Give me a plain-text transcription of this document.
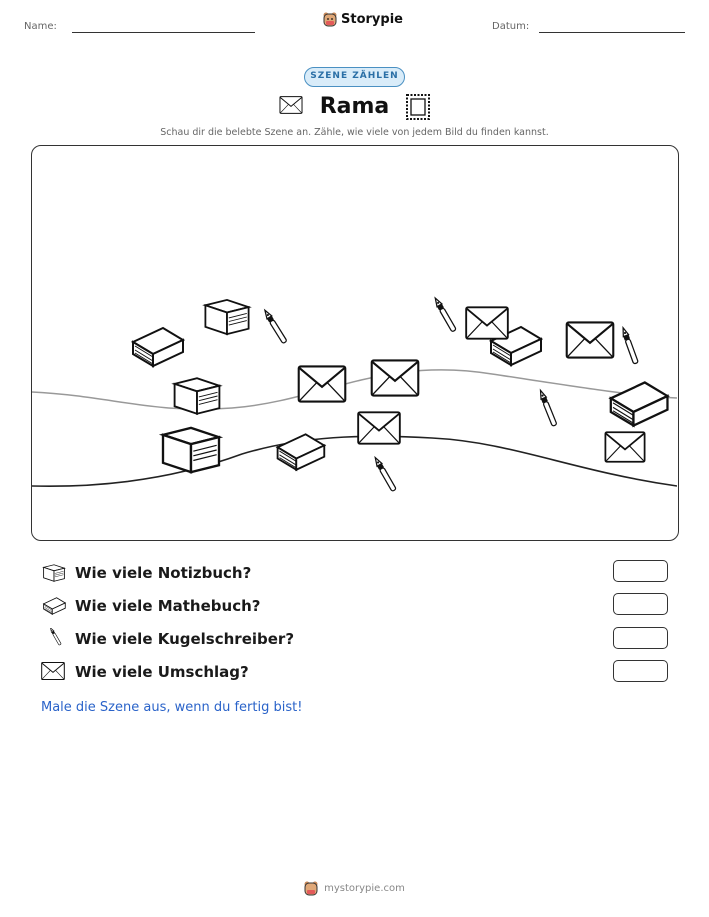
Name:	Storypie	Datum:
SZENE ZÄHLEN
Rama
Schau dir die belebte Szene an. Zähle, wie viele von jedem Bild du finden kannst.
Wie viele Notizbuch?
Wie viele Mathebuch?
Wie viele Kugelschreiber?
Wie viele Umschlag?
Male die Szene aus, wenn du fertig bist!
mystorypie.com
